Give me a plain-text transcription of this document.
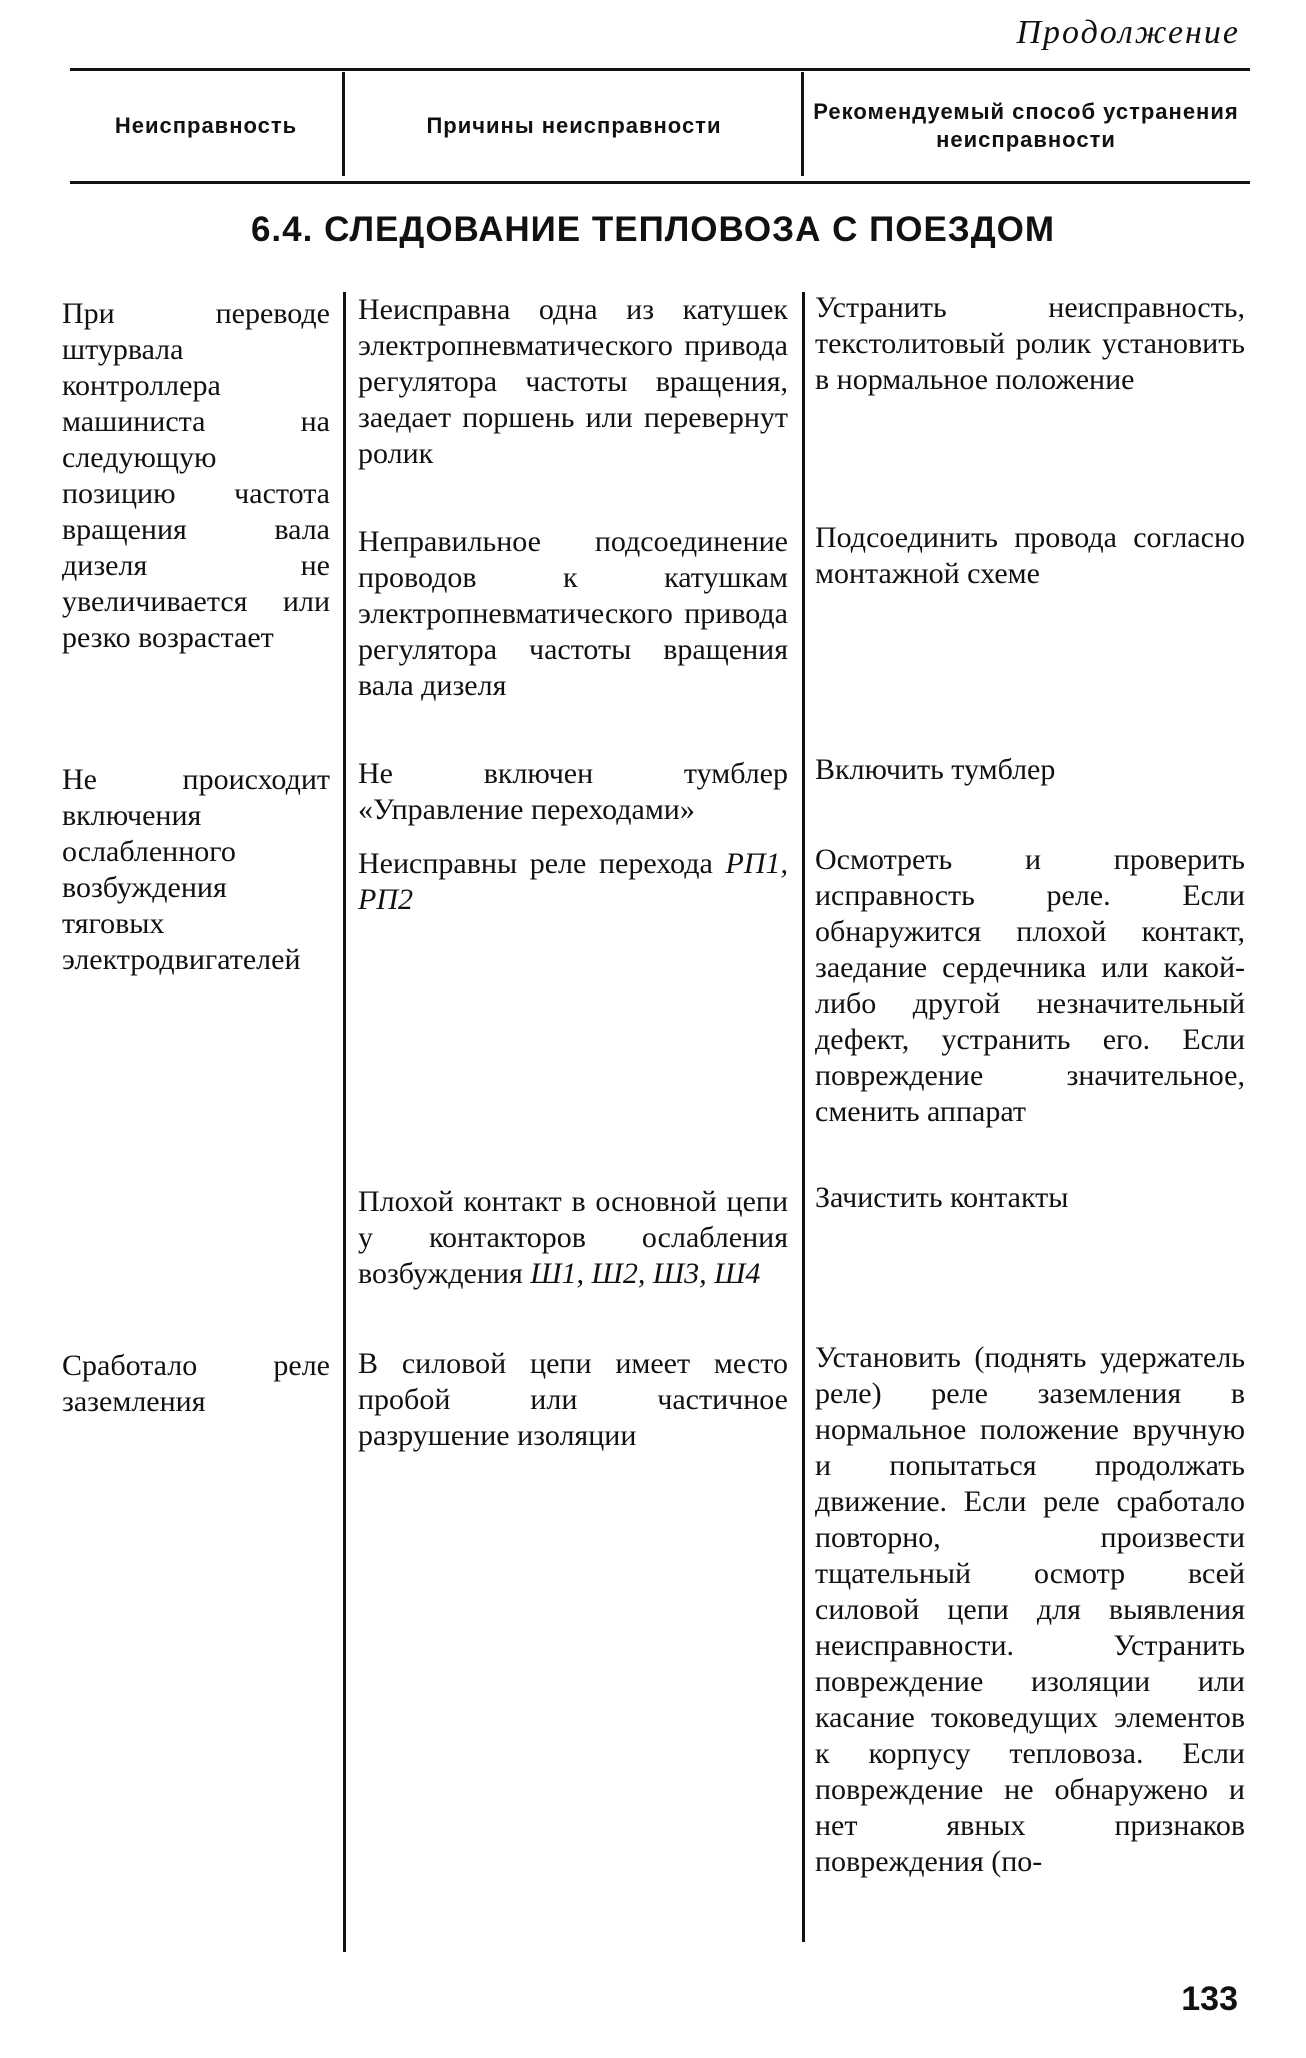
Продолжение
Неисправность	Причины неисправности
Рекомендуемый способ устранения неисправности
6.4. СЛЕДОВАНИЕ ТЕПЛОВОЗА С ПОЕЗДОМ
При переводе штурвала контроллера машиниста на следующую позицию частота вращения вала дизеля не увеличивается или резко возрастает
Неисправна одна из катушек электропневматического привода регулятора частоты вращения, заедает поршень или перевернут ролик
Устранить неисправность, текстолитовый ролик установить в нормальное положение
Неправильное подсоединение проводов к катушкам электропневматического привода регулятора частоты вращения вала дизеля
Подсоединить провода согласно монтажной схеме
Не происходит включения ослабленного возбуждения тяговых электродвигателей
Не включен тумблер «Управление переходами»
Включить тумблер
Неисправны реле перехода РП1, РП2
Осмотреть и проверить исправность реле. Если обнаружится плохой контакт, заедание сердечника или какой-либо другой незначительный дефект, устранить его. Если повреждение значительное, сменить аппарат
Плохой контакт в основной цепи у контакторов ослабления возбуждения Ш1, Ш2, Ш3, Ш4
Зачистить контакты
Сработало реле заземления
В силовой цепи имеет место пробой или частичное разрушение изоляции
Установить (поднять удержатель реле) реле заземления в нормальное положение вручную и попытаться продолжать движение. Если реле сработало повторно, произвести тщательный осмотр всей силовой цепи для выявления неисправности. Устранить повреждение изоляции или касание токоведущих элементов к корпусу тепловоза. Если повреждение не обнаружено и нет явных признаков повреждения (по-
133
